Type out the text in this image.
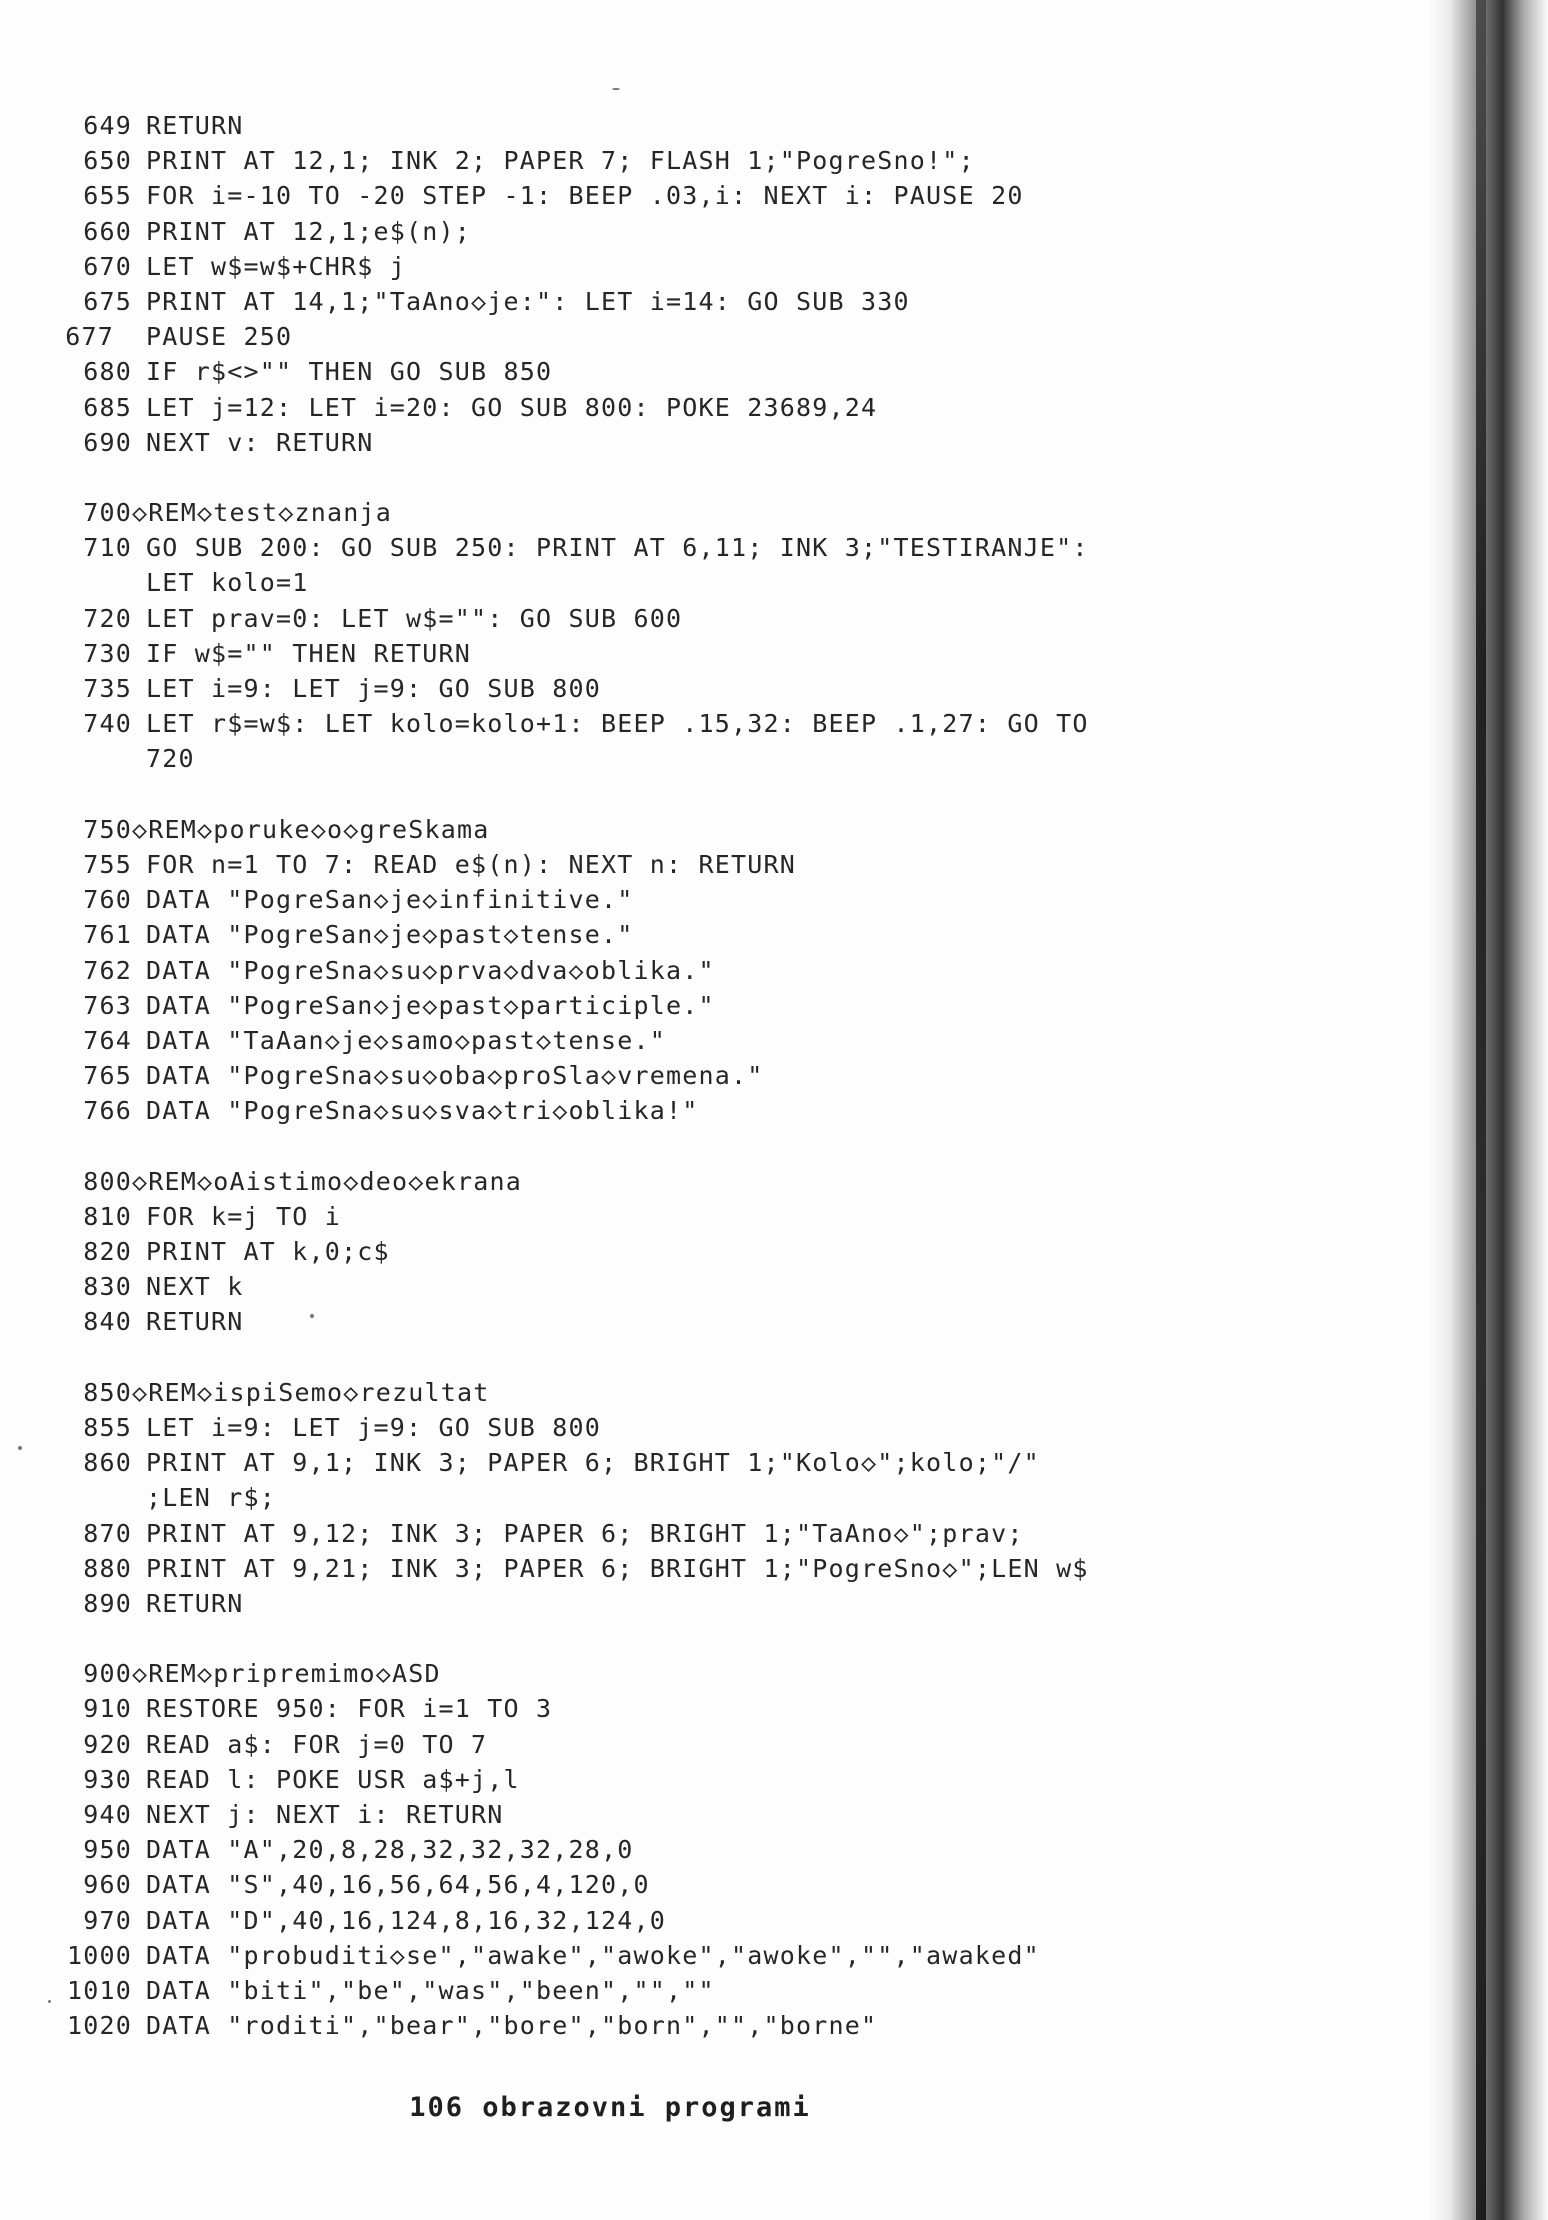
649 RETURN
650 PRINT AT 12,1; INK 2; PAPER 7; FLASH 1;"PogreSno!";
655 FOR i=-10 TO -20 STEP -1: BEEP .03,i: NEXT i: PAUSE 20
660 PRINT AT 12,1;e$(n);
670 LET w$=w$+CHR$ j
675 PRINT AT 14,1;"TaAno◇je:": LET i=14: GO SUB 330
677	PAUSE 250
680 IF r$<>"" THEN GO SUB 850
685 LET j=12: LET i=20: GO SUB 800: POKE 23689,24
690 NEXT v: RETURN
700 ◇REM◇test◇znanja
710 GO SUB 200: GO SUB 250: PRINT AT 6,11; INK 3;"TESTIRANJE":
LET kolo=1
720 LET prav=0: LET w$="": GO SUB 600
730 IF w$="" THEN RETURN
735 LET i=9: LET j=9: GO SUB 800
740 LET r$=w$: LET kolo=kolo+1: BEEP .15,32: BEEP .1,27: GO TO
720
750 ◇REM◇poruke◇o◇greSkama
755 FOR n=1 TO 7: READ e$(n): NEXT n: RETURN
760 DATA "PogreSan◇je◇infinitive."
761 DATA "PogreSan◇je◇past◇tense."
762 DATA "PogreSna◇su◇prva◇dva◇oblika."
763 DATA "PogreSan◇je◇past◇participle."
764 DATA "TaAan◇je◇samo◇past◇tense."
765 DATA "PogreSna◇su◇oba◇proSla◇vremena."
766 DATA "PogreSna◇su◇sva◇tri◇oblika!"
800 ◇REM◇oAistimo◇deo◇ekrana
810 FOR k=j TO i
820 PRINT AT k,0;c$
830 NEXT k
840 RETURN
850 ◇REM◇ispiSemo◇rezultat
855 LET i=9: LET j=9: GO SUB 800
860 PRINT AT 9,1; INK 3; PAPER 6; BRIGHT 1;"Kolo◇";kolo;"/"
;LEN r$;
870 PRINT AT 9,12; INK 3; PAPER 6; BRIGHT 1;"TaAno◇";prav;
880 PRINT AT 9,21; INK 3; PAPER 6; BRIGHT 1;"PogreSno◇";LEN w$
890 RETURN
900 ◇REM◇pripremimo◇ASD
910 RESTORE 950: FOR i=1 TO 3
920 READ a$: FOR j=0 TO 7
930 READ l: POKE USR a$+j,l
940 NEXT j: NEXT i: RETURN
950 DATA "A",20,8,28,32,32,32,28,0
960 DATA "S",40,16,56,64,56,4,120,0
970 DATA "D",40,16,124,8,16,32,124,0
1000 DATA "probuditi◇se","awake","awoke","awoke","","awaked"
1010 DATA "biti","be","was","been","",""
1020 DATA "roditi","bear","bore","born","","borne"
106 obrazovni programi
